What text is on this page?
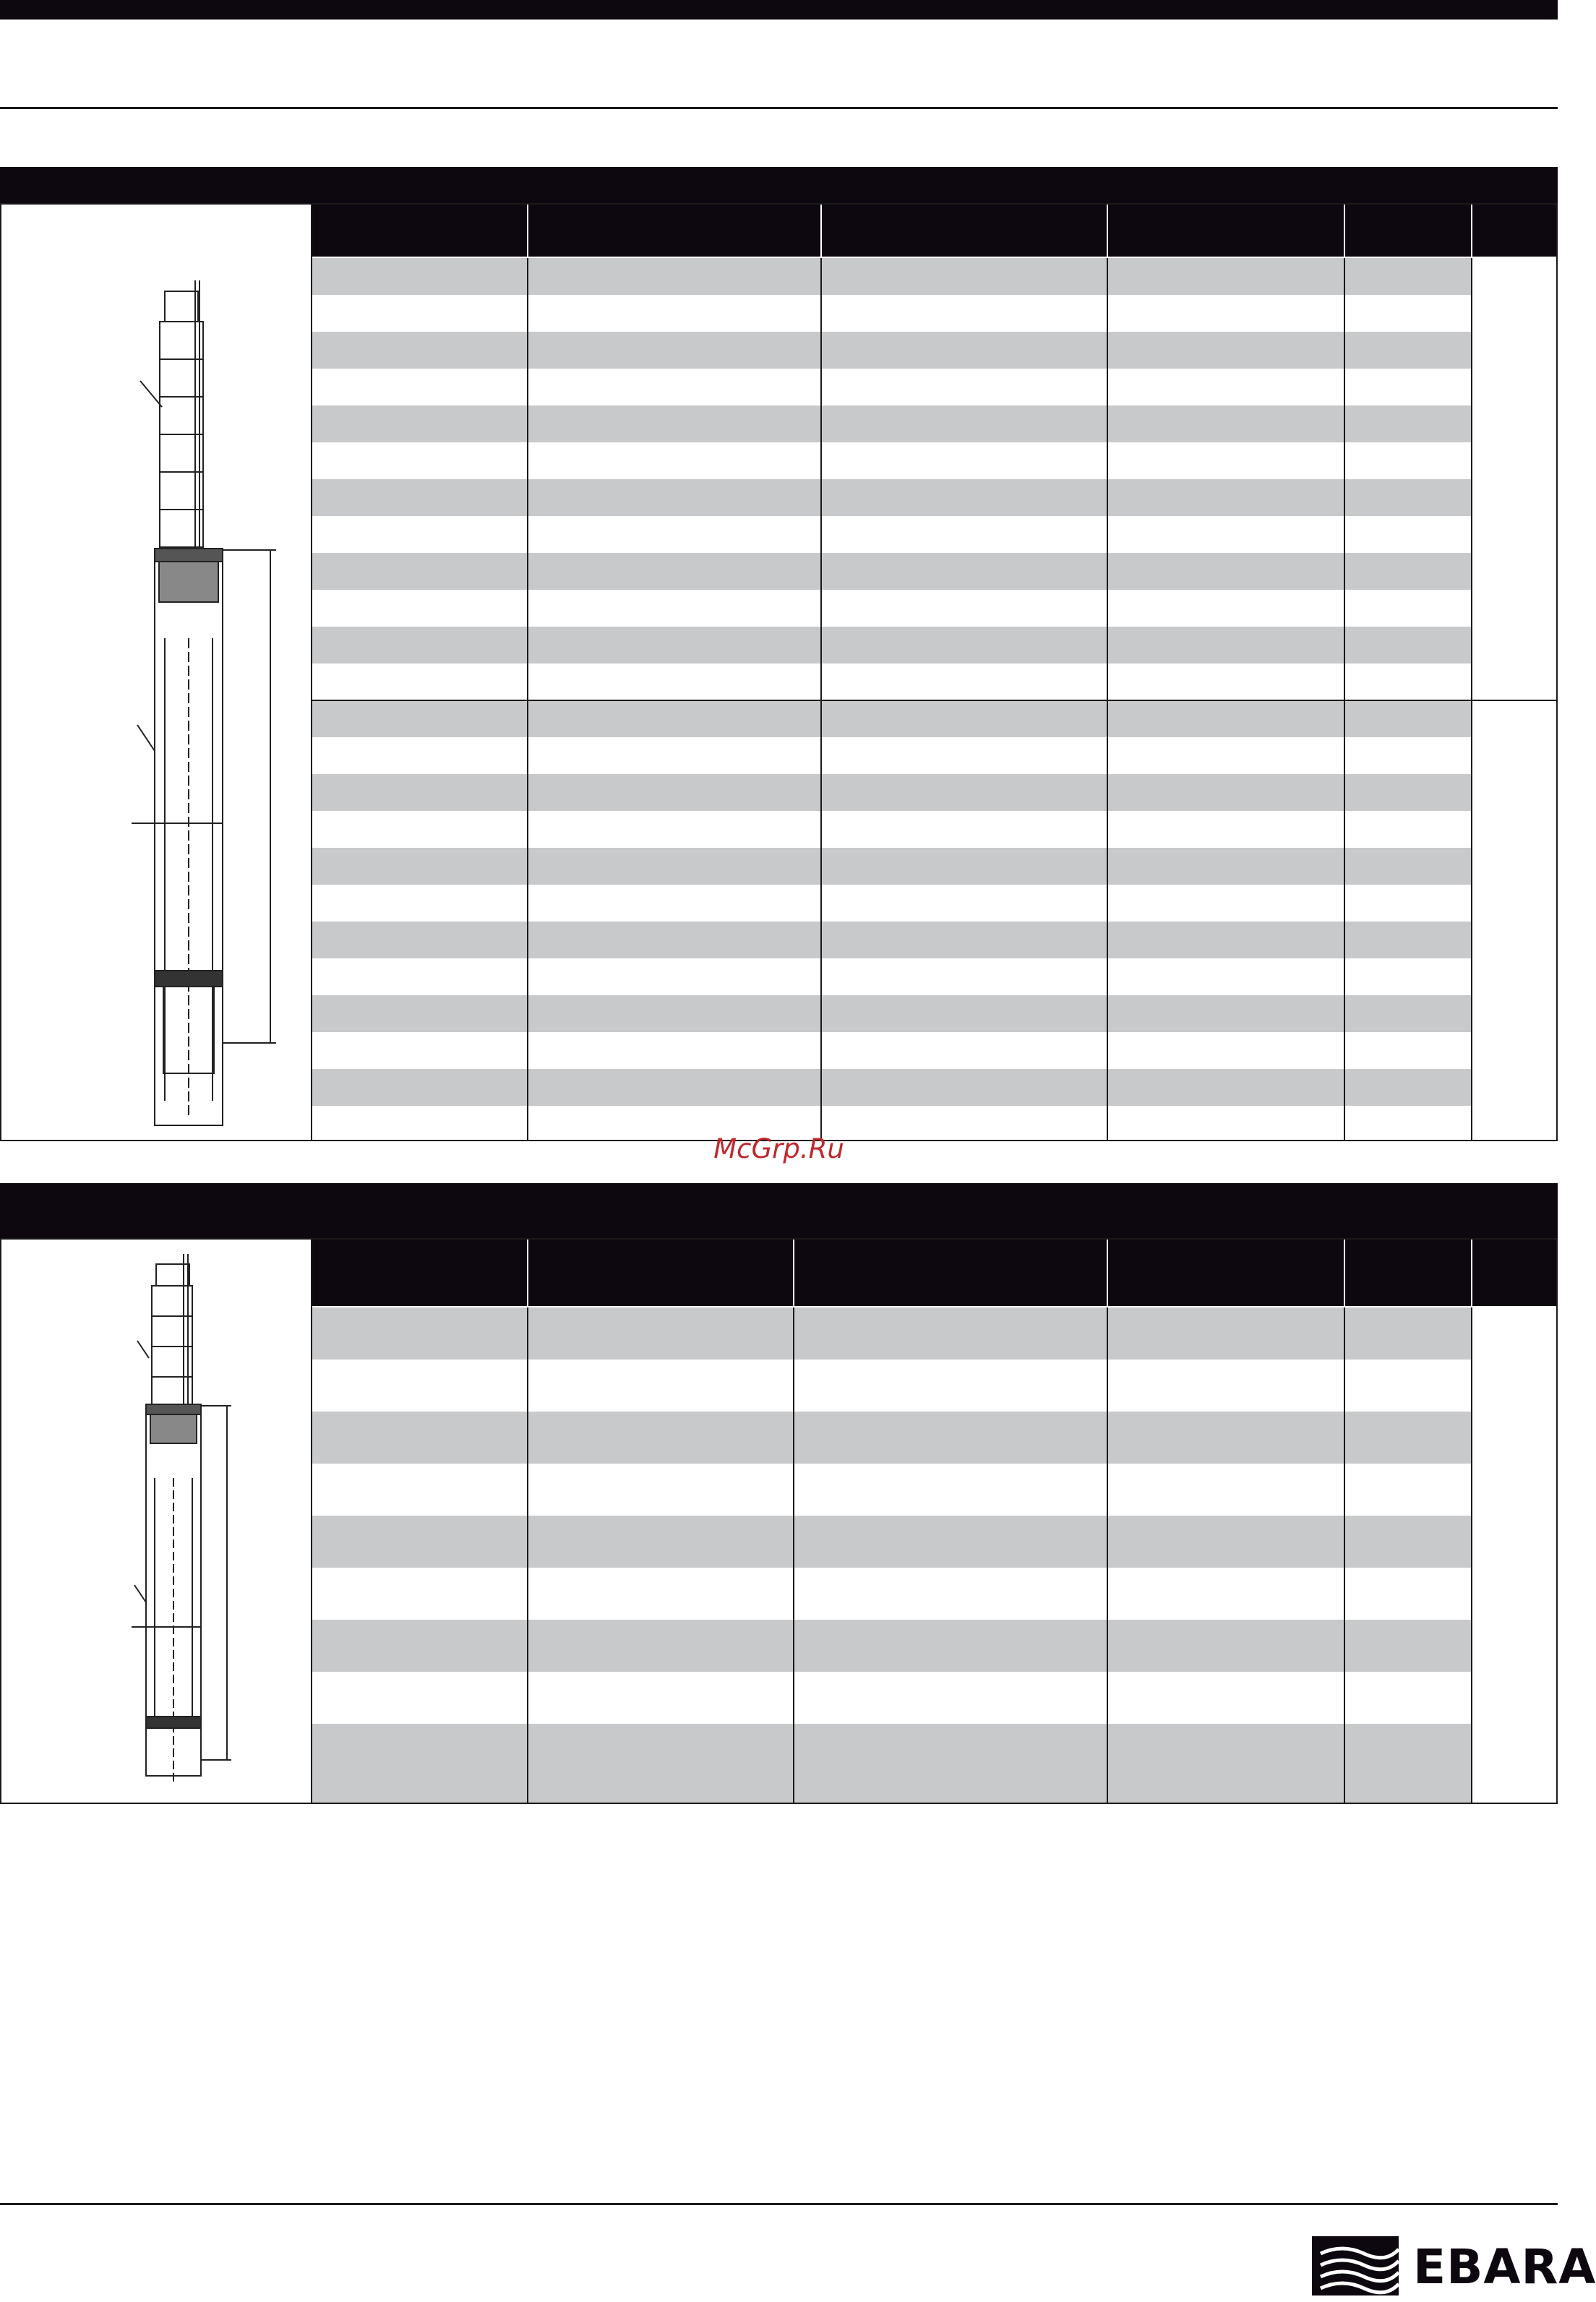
McGrp.Ru
EBARA
